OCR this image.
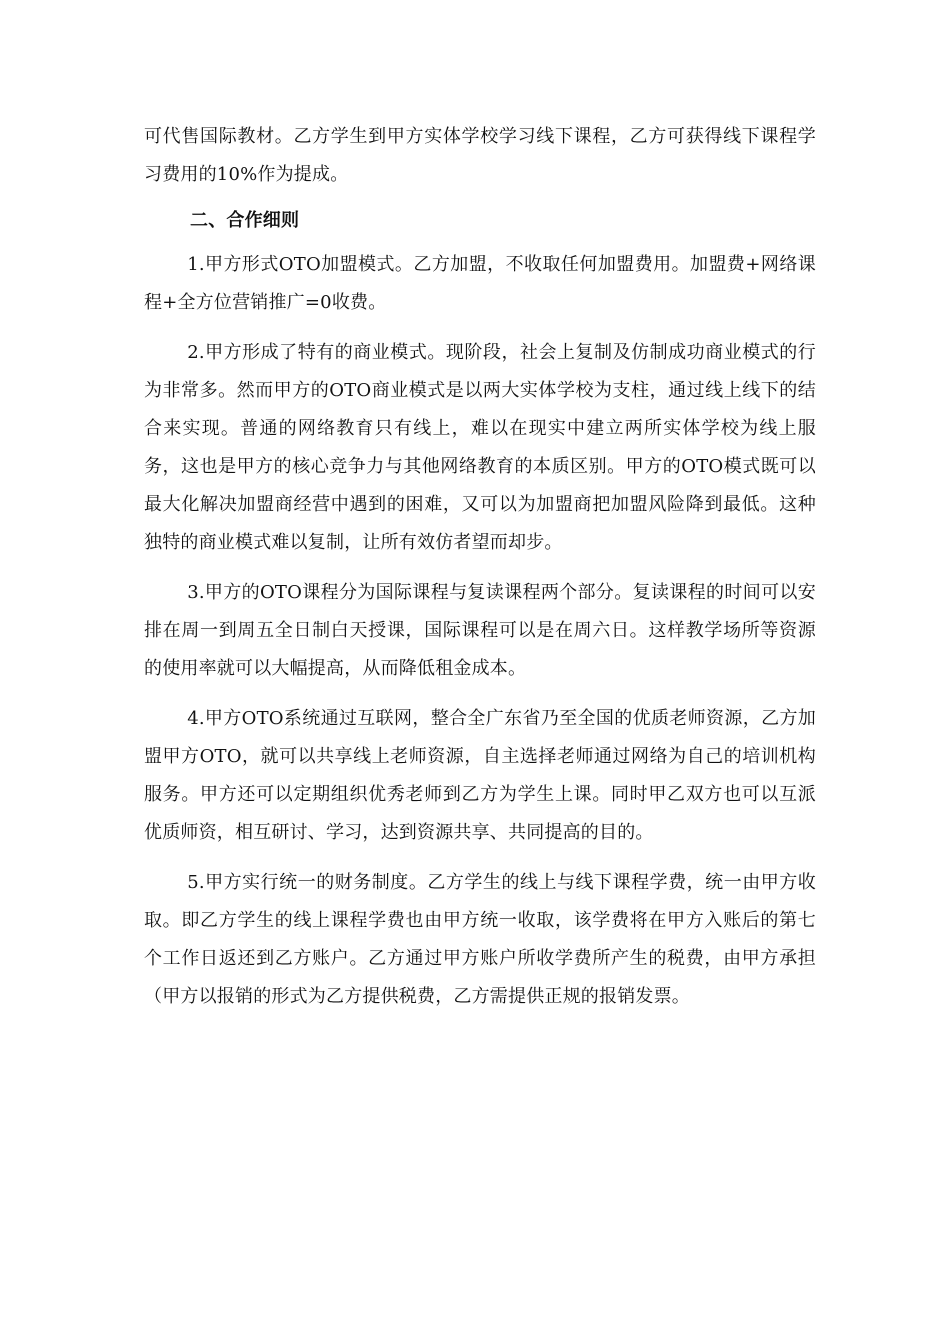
可代售国际教材。乙方学生到甲方实体学校学习线下课程，乙方可获得线下课程学习费用的10%作为提成。

二、合作细则

1.甲方形式OTO加盟模式。乙方加盟，不收取任何加盟费用。加盟费+网络课程+全方位营销推广=0收费。

2.甲方形成了特有的商业模式。现阶段，社会上复制及仿制成功商业模式的行为非常多。然而甲方的OTO商业模式是以两大实体学校为支柱，通过线上线下的结合来实现。普通的网络教育只有线上，难以在现实中建立两所实体学校为线上服务，这也是甲方的核心竞争力与其他网络教育的本质区别。甲方的OTO模式既可以最大化解决加盟商经营中遇到的困难，又可以为加盟商把加盟风险降到最低。这种独特的商业模式难以复制，让所有效仿者望而却步。

3.甲方的OTO课程分为国际课程与复读课程两个部分。复读课程的时间可以安排在周一到周五全日制白天授课，国际课程可以是在周六日。这样教学场所等资源的使用率就可以大幅提高，从而降低租金成本。

4.甲方OTO系统通过互联网，整合全广东省乃至全国的优质老师资源，乙方加盟甲方OTO，就可以共享线上老师资源，自主选择老师通过网络为自己的培训机构服务。甲方还可以定期组织优秀老师到乙方为学生上课。同时甲乙双方也可以互派优质师资，相互研讨、学习，达到资源共享、共同提高的目的。

5.甲方实行统一的财务制度。乙方学生的线上与线下课程学费，统一由甲方收取。即乙方学生的线上课程学费也由甲方统一收取，该学费将在甲方入账后的第七个工作日返还到乙方账户。乙方通过甲方账户所收学费所产生的税费，由甲方承担（甲方以报销的形式为乙方提供税费，乙方需提供正规的报销发票。
